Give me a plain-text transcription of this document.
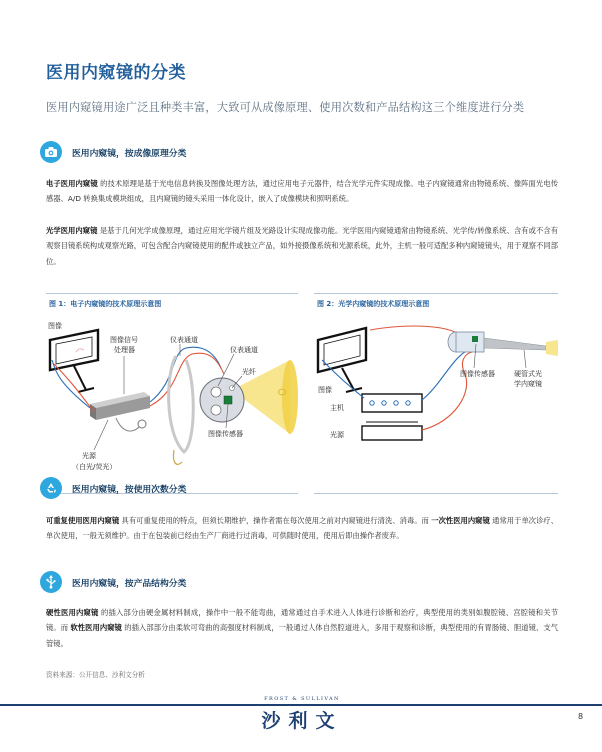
医用内窥镜的分类
医用内窥镜用途广泛且种类丰富，大致可从成像原理、使用次数和产品结构这三个维度进行分类
医用内窥镜，按成像原理分类
电子医用内窥镜 的技术原理是基于光电信息转换及图像处理方法，通过应用电子元器件，结合光学元件实现成像。电子内窥镜通常由物镜系统、像阵面光电传感器、A/D 转换集成模块组成，且内窥镜的镜头采用一体化设计，嵌入了成像模块和照明系统。
光学医用内窥镜 是基于几何光学成像原理，通过应用光学镜片组及光路设计实现成像功能。光学医用内窥镜通常由物镜系统、光学传/转像系统、含有或不含有观察目镜系统构成观察光路，可包含配合内窥镜使用的配件或独立产品，如外接摄像系统和光源系统，此外，主机一般可适配多种内窥镜镜头，用于观察不同部位。
图 1：电子内窥镜的技术原理示意图
图像
图像信号
处理器
仪表通道
仪表通道
光纤
图像传感器
光源
（白光/荧光）
图 2：光学内窥镜的技术原理示意图
图像
主机
光源
图像传感器	硬管式光
学内窥镜
医用内窥镜，按使用次数分类
可重复使用医用内窥镜 具有可重复使用的特点，但须长期维护，操作者需在每次使用之前对内窥镜进行清洗、消毒。而 一次性医用内窥镜 通常用于单次诊疗、单次使用，一般无须维护。由于在包装前已经由生产厂商进行过消毒，可供随时使用，使用后即由操作者废弃。
医用内窥镜，按产品结构分类
硬性医用内窥镜 的插入部分由硬金属材料制成，操作中一般不能弯曲，通常通过自手术进入人体进行诊断和治疗，典型使用的类别如腹腔镜、宫腔镜和关节镜。而 软性医用内窥镜 的插入部部分由柔软可弯曲的高强度材料制成，一般通过人体自然腔道进入，多用于观察和诊断，典型使用的有胃肠镜、胆道镜、支气管镜。
资料来源：公开信息、沙利文分析
FROST & SULLIVAN
沙利文	8
